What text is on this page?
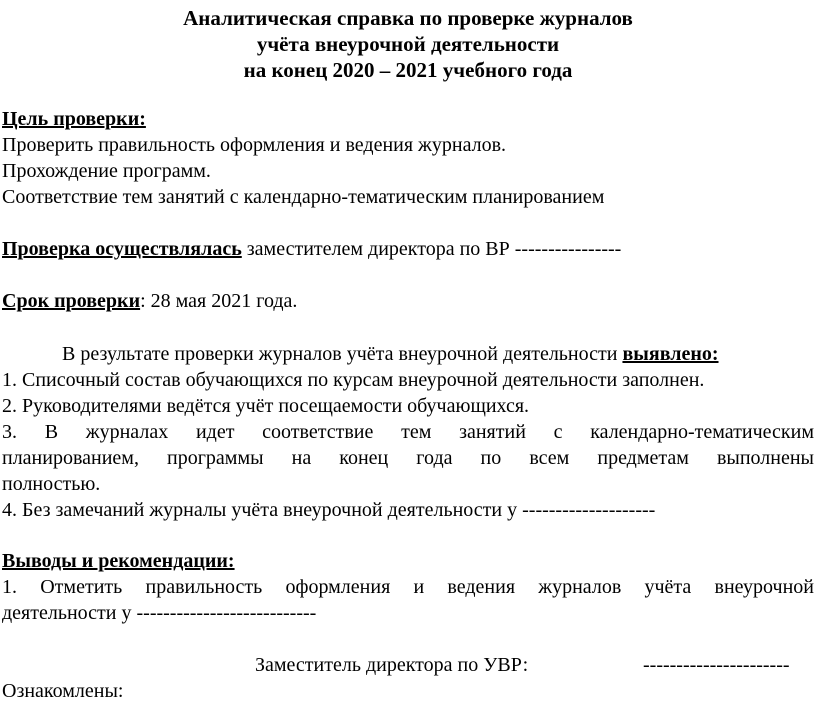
Аналитическая справка по проверке журналов
учёта внеурочной деятельности
на конец 2020 – 2021 учебного года
Цель проверки:
Проверить правильность оформления и ведения журналов.
Прохождение программ.
Соответствие тем занятий с календарно-тематическим планированием
Проверка осуществлялась заместителем директора по ВР ----------------
Срок проверки: 28 мая 2021 года.
В результате проверки журналов учёта внеурочной деятельности выявлено:
1. Списочный состав обучающихся по курсам внеурочной деятельности заполнен.
2. Руководителями ведётся учёт посещаемости обучающихся.
3. В журналах идет соответствие тем занятий с календарно-тематическим
планированием, программы на конец года по всем предметам выполнены
полностью.
4. Без замечаний журналы учёта внеурочной деятельности у --------------------
Выводы и рекомендации:
1. Отметить правильность оформления и ведения журналов учёта внеурочной
деятельности у ---------------------------
Заместитель директора по УВР:	----------------------
Ознакомлены:
